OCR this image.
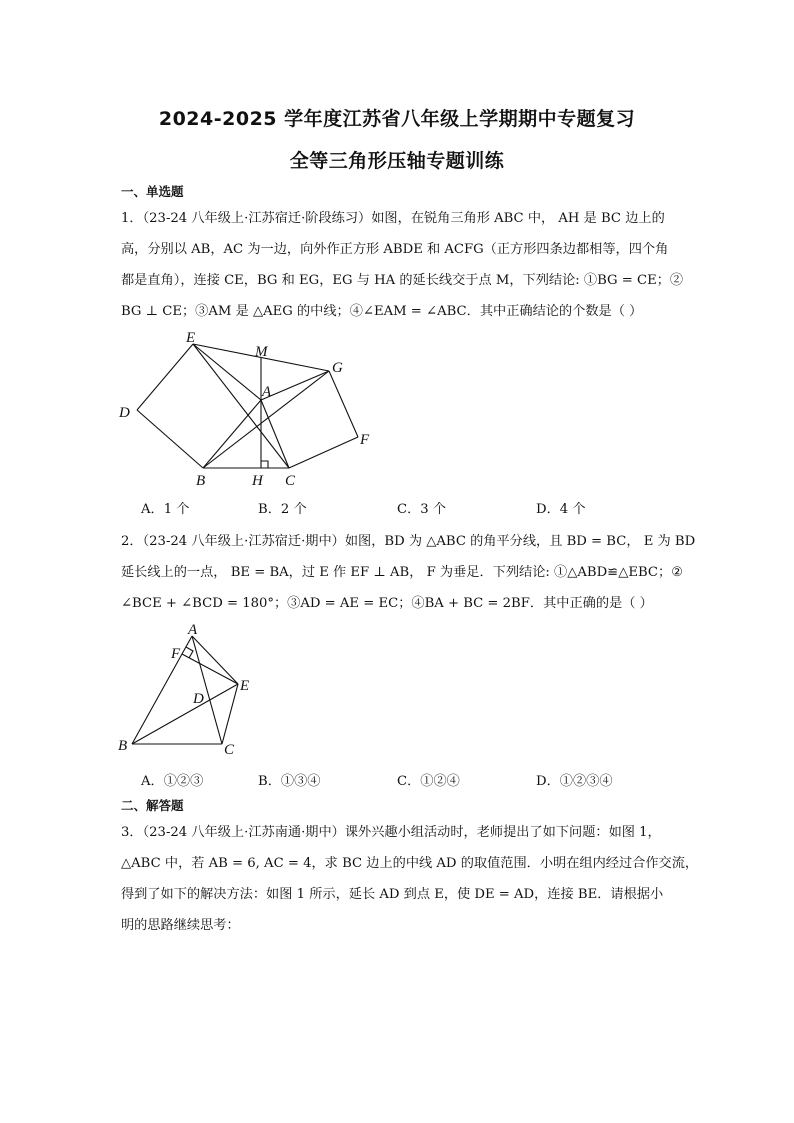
2024-2025 学年度江苏省八年级上学期期中专题复习
全等三角形压轴专题训练
一、单选题
1．（23-24 八年级上·江苏宿迁·阶段练习）如图，在锐角三角形 ABC 中， AH 是 BC 边上的
高，分别以 AB，AC 为一边，向外作正方形 ABDE 和 ACFG（正方形四条边都相等，四个角
都是直角），连接 CE，BG 和 EG，EG 与 HA 的延长线交于点 M，下列结论: ①BG = CE；②
BG ⊥ CE；③AM 是 △AEG 的中线；④∠EAM = ∠ABC．其中正确结论的个数是（ ）
E
M
G
A
D
F
B	H C
A．1 个	B．2 个	C．3 个	D．4 个
2．（23-24 八年级上·江苏宿迁·期中）如图，BD 为 △ABC 的角平分线，且 BD = BC， E 为 BD
延长线上的一点， BE = BA，过 E 作 EF ⊥ AB， F 为垂足．下列结论: ①△ABD≌△EBC；②
∠BCE + ∠BCD = 180°；③AD = AE = EC；④BA + BC = 2BF．其中正确的是（ ）
A
F
E
D
B	C
A．①②③	B．①③④	C．①②④	D．①②③④
二、解答题
3．（23-24 八年级上·江苏南通·期中）课外兴趣小组活动时，老师提出了如下问题：如图 1，
△ABC 中，若 AB = 6, AC = 4，求 BC 边上的中线 AD 的取值范围．小明在组内经过合作交流，
得到了如下的解决方法：如图 1 所示，延长 AD 到点 E，使 DE = AD，连接 BE．请根据小
明的思路继续思考：
